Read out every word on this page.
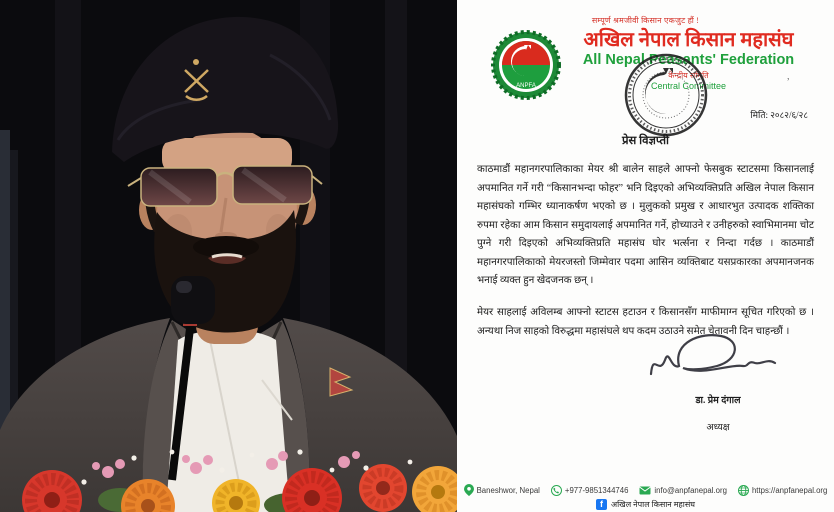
सम्पूर्ण श्रमजीवी किसान एकजुट हौं !
ANPFA
अखिल नेपाल किसान महासंघ
All Nepal Peasants' Federation
केन्द्रीय समिति
Central Committee	’
मिति: २०८२/६/२८
प्रेस विज्ञप्ती
काठमाडौं महानगरपालिकाका मेयर श्री बालेन साहले आफ्नो फेसबुक स्टाटसमा किसानलाई अपमानित गर्ने गरी “किसानभन्दा फोहर” भनि दिइएको अभिव्यक्तिप्रति अखिल नेपाल किसान महासंघको गम्भिर ध्यानाकर्षण भएको छ । मुलुकको प्रमुख र आधारभुत उत्पादक शक्तिका रुपमा रहेका आम किसान समुदायलाई अपमानित गर्ने, होच्याउने र उनीहरुको स्वाभिमानमा चोट पुग्ने गरी दिइएको अभिव्यक्तिप्रति महासंघ घोर भर्त्सना र निन्दा गर्दछ । काठमाडौं महानगरपालिकाको मेयरजस्तो जिम्मेवार पदमा आसिन व्यक्तिबाट यसप्रकारका अपमानजनक भनाई व्यक्त हुन खेदजनक छन् ।
मेयर साहलाई अविलम्ब आफ्नो स्टाटस हटाउन र किसानसँग माफीमाग्न सूचित गरिएको छ । अन्यथा निज साहको विरुद्धमा महासंघले थप कदम उठाउने समेत चेतावनी दिन चाहन्छौं ।
डा. प्रेम दंगाल
अध्यक्ष
Baneshwor, Nepal	+977-9851344746	info@anpfanepal.org	https://anpfanepal.org
f	अखिल नेपाल किसान महासंघ
